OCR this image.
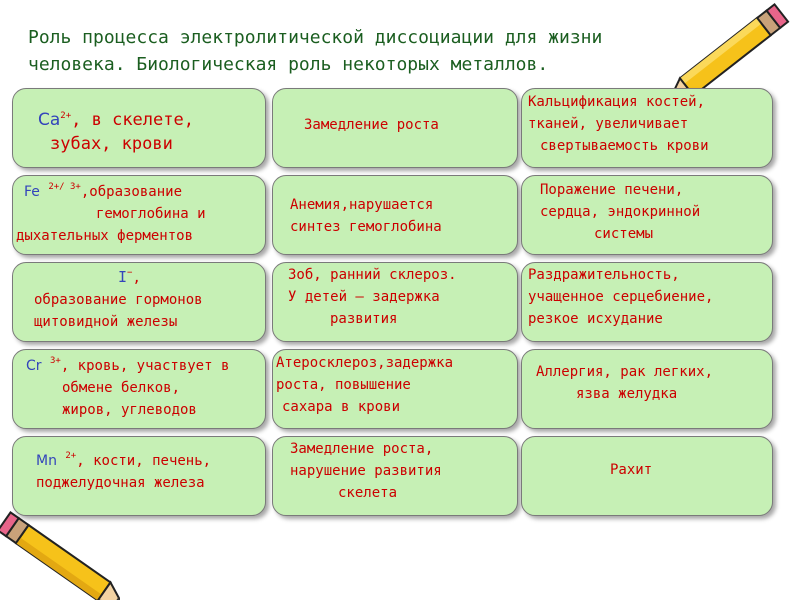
Роль процесса электролитической диссоциации для жизни
человека. Биологическая роль некоторых металлов.
$Ca^{2+}$, в скелете,
зубах, крови
Fe $^{2+/ 3+}$,образование
гемоглобина и
дыхательных ферментов
I−,
образование гормонов
щитовидной железы
Cr $^{3+}$, кровь, участвует в
обмене белков,
жиров, углеводов
Mn $^{2+}$, кости, печень,
поджелудочная железа
Замедление роста
Анемия,нарушается
синтез гемоглобина
Зоб, ранний склероз.
У детей – задержка
развития
Атеросклероз,задержка
роста, повышение
сахара в крови
Замедление роста,
нарушение развития
скелета
Кальцификация костей,
тканей, увеличивает
свертываемость крови
Поражение печени,
сердца, эндокринной
системы
Раздражительность,
учащенное серцебиение,
резкое исхудание
Аллергия, рак легких,
язва желудка
Рахит
